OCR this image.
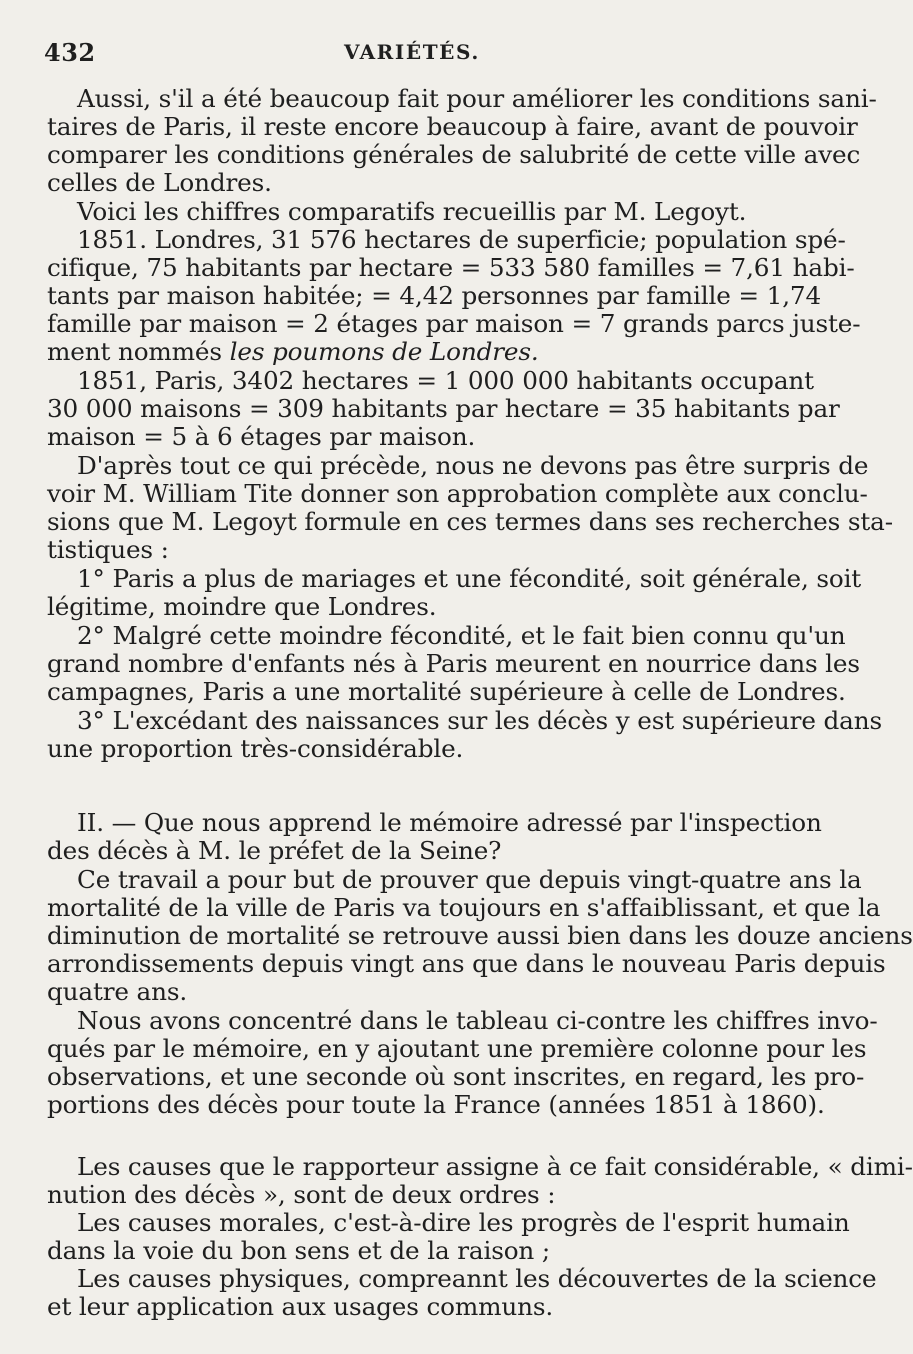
432	VARIÉTÉS.
Aussi, s'il a été beaucoup fait pour améliorer les conditions sani-
taires de Paris, il reste encore beaucoup à faire, avant de pouvoir
comparer les conditions générales de salubrité de cette ville avec
celles de Londres.
Voici les chiffres comparatifs recueillis par M. Legoyt.
1851. Londres, 31 576 hectares de superficie; population spé-
cifique, 75 habitants par hectare = 533 580 familles = 7,61 habi-
tants par maison habitée; = 4,42 personnes par famille = 1,74
famille par maison = 2 étages par maison = 7 grands parcs juste-
ment nommés les poumons de Londres.
1851, Paris, 3402 hectares = 1 000 000 habitants occupant
30 000 maisons = 309 habitants par hectare = 35 habitants par
maison = 5 à 6 étages par maison.
D'après tout ce qui précède, nous ne devons pas être surpris de
voir M. William Tite donner son approbation complète aux conclu-
sions que M. Legoyt formule en ces termes dans ses recherches sta-
tistiques :
1° Paris a plus de mariages et une fécondité, soit générale, soit
légitime, moindre que Londres.
2° Malgré cette moindre fécondité, et le fait bien connu qu'un
grand nombre d'enfants nés à Paris meurent en nourrice dans les
campagnes, Paris a une mortalité supérieure à celle de Londres.
3° L'excédant des naissances sur les décès y est supérieure dans
une proportion très-considérable.
II. — Que nous apprend le mémoire adressé par l'inspection
des décès à M. le préfet de la Seine?
Ce travail a pour but de prouver que depuis vingt-quatre ans la
mortalité de la ville de Paris va toujours en s'affaiblissant, et que la
diminution de mortalité se retrouve aussi bien dans les douze anciens
arrondissements depuis vingt ans que dans le nouveau Paris depuis
quatre ans.
Nous avons concentré dans le tableau ci-contre les chiffres invo-
qués par le mémoire, en y ajoutant une première colonne pour les
observations, et une seconde où sont inscrites, en regard, les pro-
portions des décès pour toute la France (années 1851 à 1860).
Les causes que le rapporteur assigne à ce fait considérable, « dimi-
nution des décès », sont de deux ordres :
Les causes morales, c'est-à-dire les progrès de l'esprit humain
dans la voie du bon sens et de la raison ;
Les causes physiques, compreannt les découvertes de la science
et leur application aux usages communs.
